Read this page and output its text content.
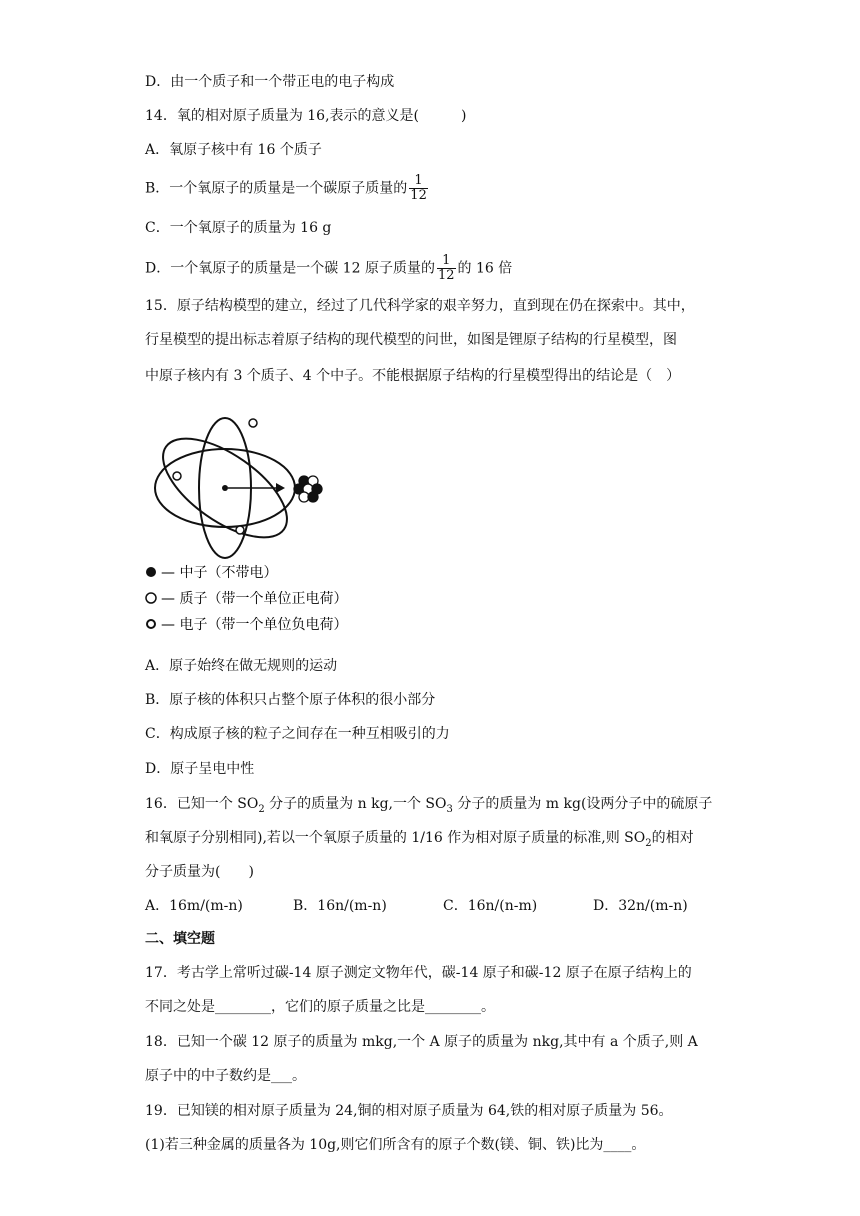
D．由一个质子和一个带正电的电子构成
14．氧的相对原子质量为 16,表示的意义是(　　　)
A．氧原子核中有 16 个质子
B．一个氧原子的质量是一个碳原子质量的 $\frac{1}{12}$
C．一个氧原子的质量为 16 g
D．一个氧原子的质量是一个碳 12 原子质量的 $\frac{1}{12}$ 的 16 倍
15．原子结构模型的建立，经过了几代科学家的艰辛努力，直到现在仍在探索中。其中，
行星模型的提出标志着原子结构的现代模型的问世，如图是锂原子结构的行星模型，图
中原子核内有 3 个质子、4 个中子。不能根据原子结构的行星模型得出的结论是（　）
— 中子（不带电）
— 质子（带一个单位正电荷）
— 电子（带一个单位负电荷）
A．原子始终在做无规则的运动
B．原子核的体积只占整个原子体积的很小部分
C．构成原子核的粒子之间存在一种互相吸引的力
D．原子呈电中性
16．已知一个 $SO_2$ 分子的质量为 n kg,一个 $SO_3$ 分子的质量为 m kg(设两分子中的硫原子
和氧原子分别相同),若以一个氧原子质量的 1/16 作为相对原子质量的标准,则 $SO_2$的相对
分子质量为(　　)
A．16m/(m-n)	B．16n/(m-n)	C．16n/(n-m)	D．32n/(m-n)
二、填空题
17．考古学上常听过碳-14 原子测定文物年代，碳-14 原子和碳-12 原子在原子结构上的
不同之处是________，它们的原子质量之比是________。
18．已知一个碳 12 原子的质量为 mkg,一个 A 原子的质量为 nkg,其中有 a 个质子,则 A
原子中的中子数约是___。
19．已知镁的相对原子质量为 24,铜的相对原子质量为 64,铁的相对原子质量为 56。
(1)若三种金属的质量各为 10g,则它们所含有的原子个数(镁、铜、铁)比为____。
